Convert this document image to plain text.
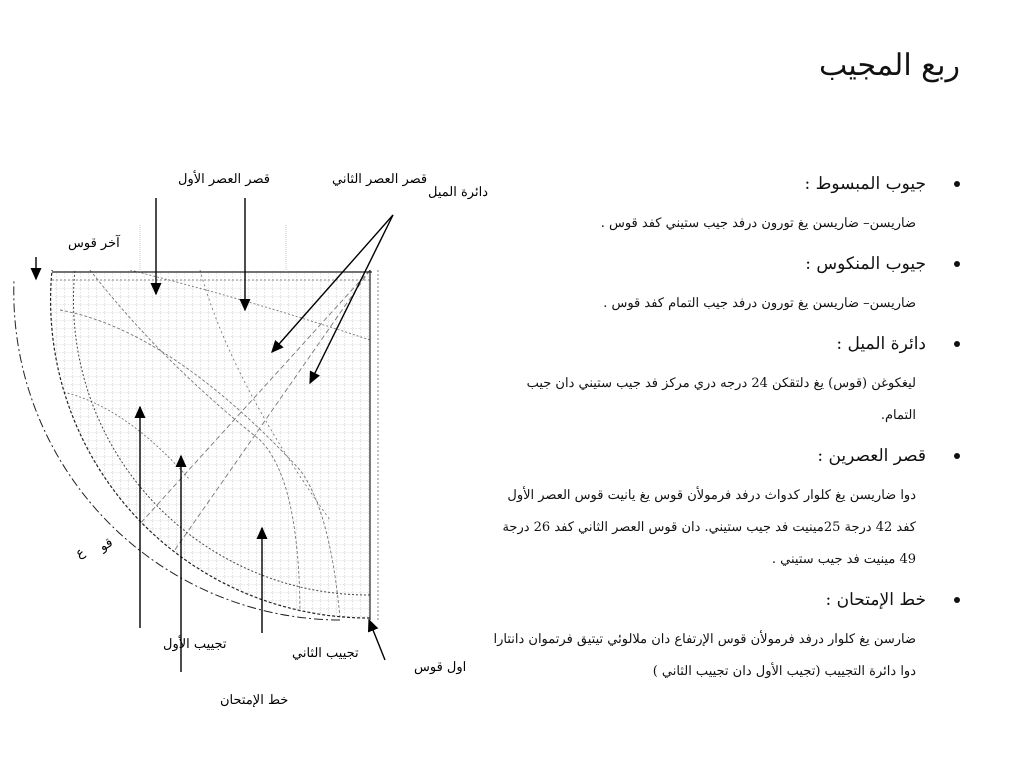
ربع المجيب
جيوب المبسوط :

ضاريسن– ضاريسن يغ تورون درفد جيب ستيني كفد قوس .

جيوب المنكوس :

ضاريسن– ضاريسن يغ تورون درفد جيب التمام كفد قوس .

دائرة الميل :

ليغكوغن (قوس) يغ دلتقكن 24 درجه دري مركز فد جيب ستيني دان جيب
التمام.

قصر العصرين :

دوا ضاريسن يغ كلوار كدواث درفد فرمولأن قوس يغ يانيت قوس العصر الأول
كفد 42 درجة 25مينيت فد جيب ستيني. دان قوس العصر الثاني كفد 26 درجة
49 مينيت فد جيب ستيني .

خط الإمتحان :

ضارسن يغ كلوار درفد فرمولأن قوس الإرتفاع دان ملالوئي تيتيق فرتموان دانتارا
دوا دائرة التجييب (تجيب الأول دان تجييب الثاني )

قصر العصر الأول	قصر العصر الثاني
دائرة الميل
آخر قوس
تجييب الأول
تجييب الثاني
خط الإمتحان
اول قوس
قو
ع
